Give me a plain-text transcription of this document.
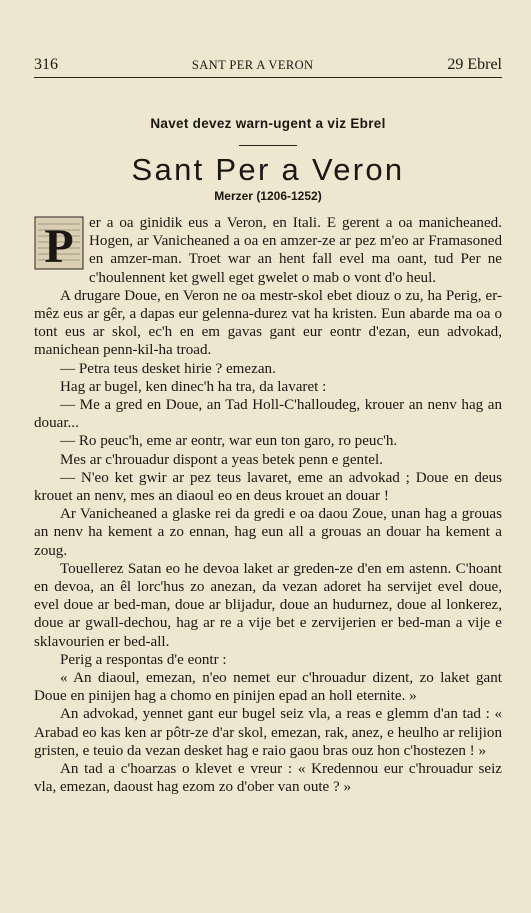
316	SANT PER A VERON	29 Ebrel
Navet devez warn-ugent a viz Ebrel
Sant Per a Veron
Merzer (1206-1252)

P er a oa ginidik eus a Veron, en Itali. E gerent a oa manicheaned. Hogen, ar Vanicheaned a oa en amzer-ze ar pez m'eo ar Framasoned en amzer-man. Troet war an hent fall evel ma oant, tud Per ne c'houlennent ket gwell eget gwelet o mab o vont d'o heul.

A drugare Doue, en Veron ne oa mestr-skol ebet diouz o zu, ha Perig, er-mêz eus ar gêr, a dapas eur gelenna-durez vat ha kristen. Eun abarde ma oa o tont eus ar skol, ec'h en em gavas gant eur eontr d'ezan, eun advokad, manichean penn-kil-ha troad.

— Petra teus desket hirie ? emezan.

Hag ar bugel, ken dinec'h ha tra, da lavaret :

— Me a gred en Doue, an Tad Holl-C'halloudeg, krouer an nenv hag an douar...

— Ro peuc'h, eme ar eontr, war eun ton garo, ro peuc'h.

Mes ar c'hrouadur dispont a yeas betek penn e gentel.

— N'eo ket gwir ar pez teus lavaret, eme an advokad ; Doue en deus krouet an nenv, mes an diaoul eo en deus krouet an douar !

Ar Vanicheaned a glaske rei da gredi e oa daou Zoue, unan hag a grouas an nenv ha kement a zo ennan, hag eun all a grouas an douar ha kement a zoug.

Touellerez Satan eo he devoa laket ar greden-ze d'en em astenn. C'hoant en devoa, an êl lorc'hus zo anezan, da vezan adoret ha servijet evel doue, evel doue ar bed-man, doue ar blijadur, doue an hudurnez, doue al lonkerez, doue ar gwall-dechou, hag ar re a vije bet e zervijerien er bed-man a vije e sklavourien er bed-all.

Perig a respontas d'e eontr :

« An diaoul, emezan, n'eo nemet eur c'hrouadur dizent, zo laket gant Doue en pinijen hag a chomo en pinijen epad an holl eternite. »

An advokad, yennet gant eur bugel seiz vla, a reas e glemm d'an tad : « Arabad eo kas ken ar pôtr-ze d'ar skol, emezan, rak, anez, e heulho ar relijion gristen, e teuio da vezan desket hag e raio gaou bras ouz hon c'hostezen ! »

An tad a c'hoarzas o klevet e vreur : « Kredennou eur c'hrouadur seiz vla, emezan, daoust hag ezom zo d'ober van oute ? »
